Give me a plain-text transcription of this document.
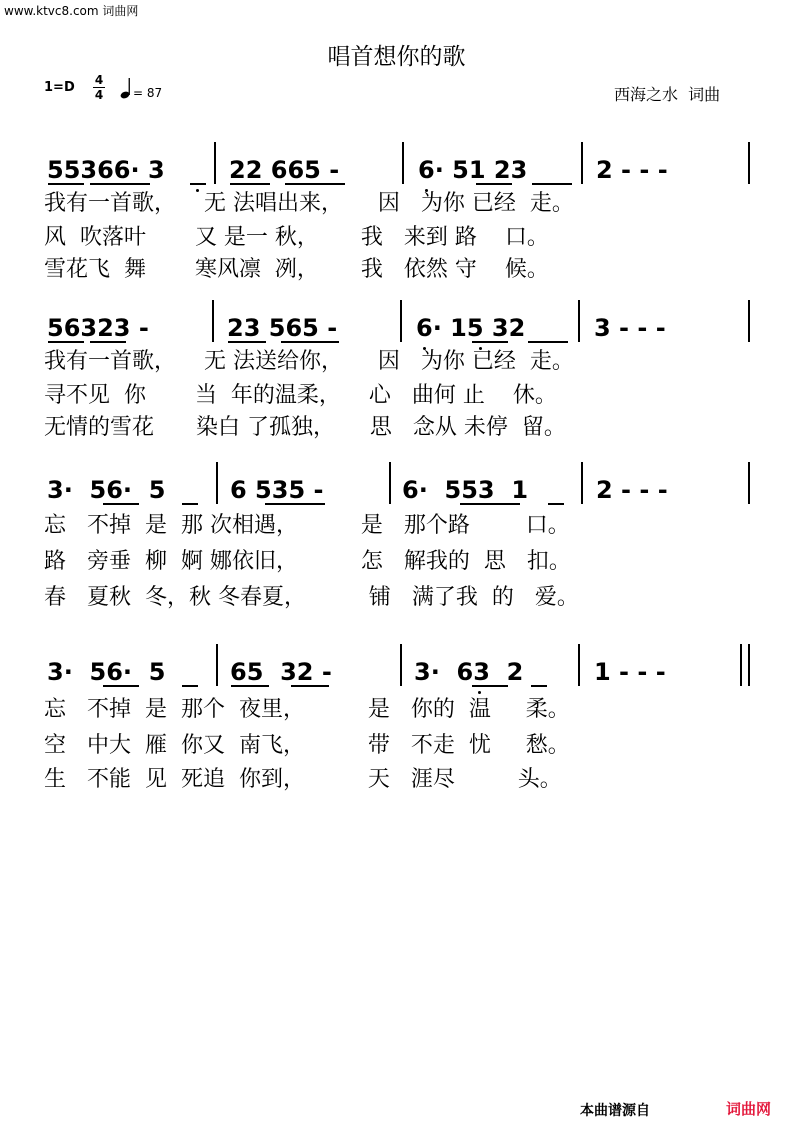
www.ktvc8.com 词曲网
唱首想你的歌
1=D 4
4 = 87	西海之水  词曲
55366· 3	22 665 -	6· 51 23	2 - - -
我有一首歌，    无 法唱出来，     因   为你 已经  走。
风  吹落叶       又 是一 秋，      我   来到 路    口。
雪花飞  舞       寒风凛  冽，      我   依然 守    候。
56323 -	23 565 -	6· 15 32	3 - - -
我有一首歌，    无 法送给你，     因   为你 已经  走。
寻不见  你       当  年的温柔，    心   曲何 止    休。
无情的雪花      染白 了孤独，     思   念从 未停  留。
3·  56·  5	6 535 -	6·  553  1	2 - - -
忘   不掉  是  那 次相遇，         是   那个路        口。
路   旁垂  柳  婀 娜依旧，         怎   解我的  思   扣。
春   夏秋  冬，秋 冬春夏，         铺   满了我  的   爱。
3·  56·  5	65  32 -	3·  63  2	1 - - -
忘   不掉  是  那个  夜里，         是   你的  温     柔。
空   中大  雁  你又  南飞，         带   不走  忧     愁。
生   不能  见  死追  你到，         天   涯尽         头。
本曲谱源自	词曲网
